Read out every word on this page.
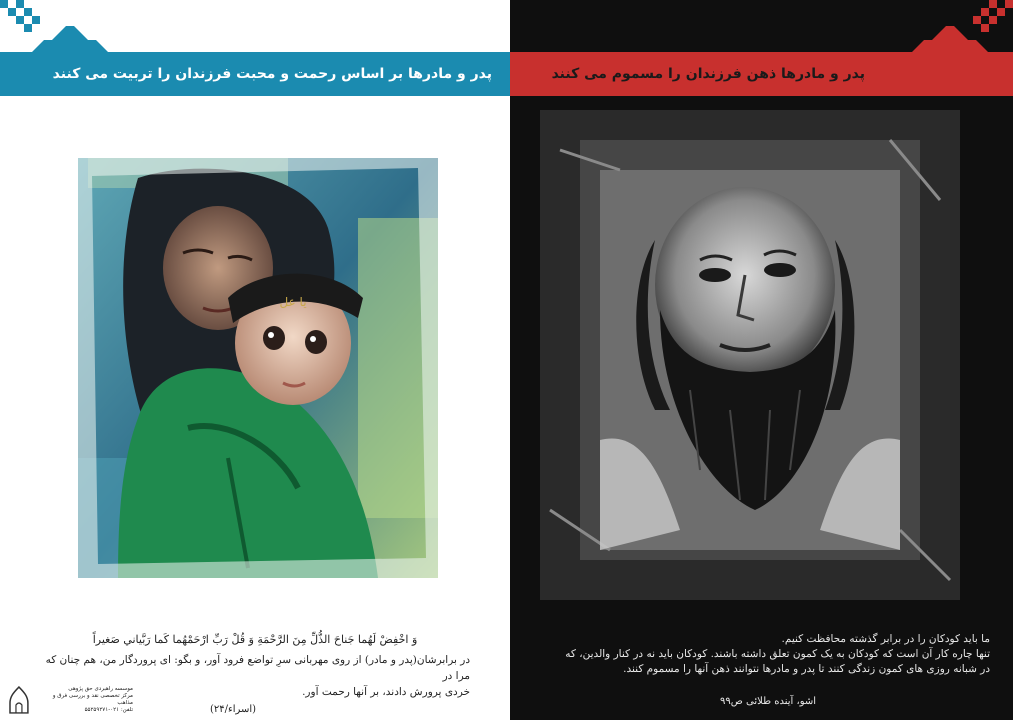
پدر و مادرها بر اساس رحمت و محبت فرزندان را تربیت می کنند
یا عل
وَ اخْفِضْ لَهُما جَناحَ الذُّلِّ مِنَ الرَّحْمَةِ وَ قُلْ رَبِّ ارْحَمْهُما كَما رَبَّياني صَغيراً
در برابرشان(پدر و مادر) از روی مهربانی سرِ تواضع فرود آور، و بگو: ای پروردگار من، هم چنان که مرا در
خردی پرورش دادند، بر آنها رحمت آور.
(اسراء/۲۴)
موسسه راهبردی حق پژوهی
مرکز تخصصی نقد و بررسی فرق و مذاهب
تلفن: ۰۲۱-۵۵۲۵۹۲۷۱
پدر و مادرها ذهن فرزندان را مسموم می کنند
ما باید کودکان را در برابر گذشته محافظت کنیم.
تنها چاره کار آن است که کودکان به یک کمون تعلق داشته باشند. کودکان باید نه در کنار والدین، که
در شبانه روزی های کمون زندگی کنند تا پدر و مادرها نتوانند ذهن آنها را مسموم کنند.
اشو، آینده طلائی ص۹۹
